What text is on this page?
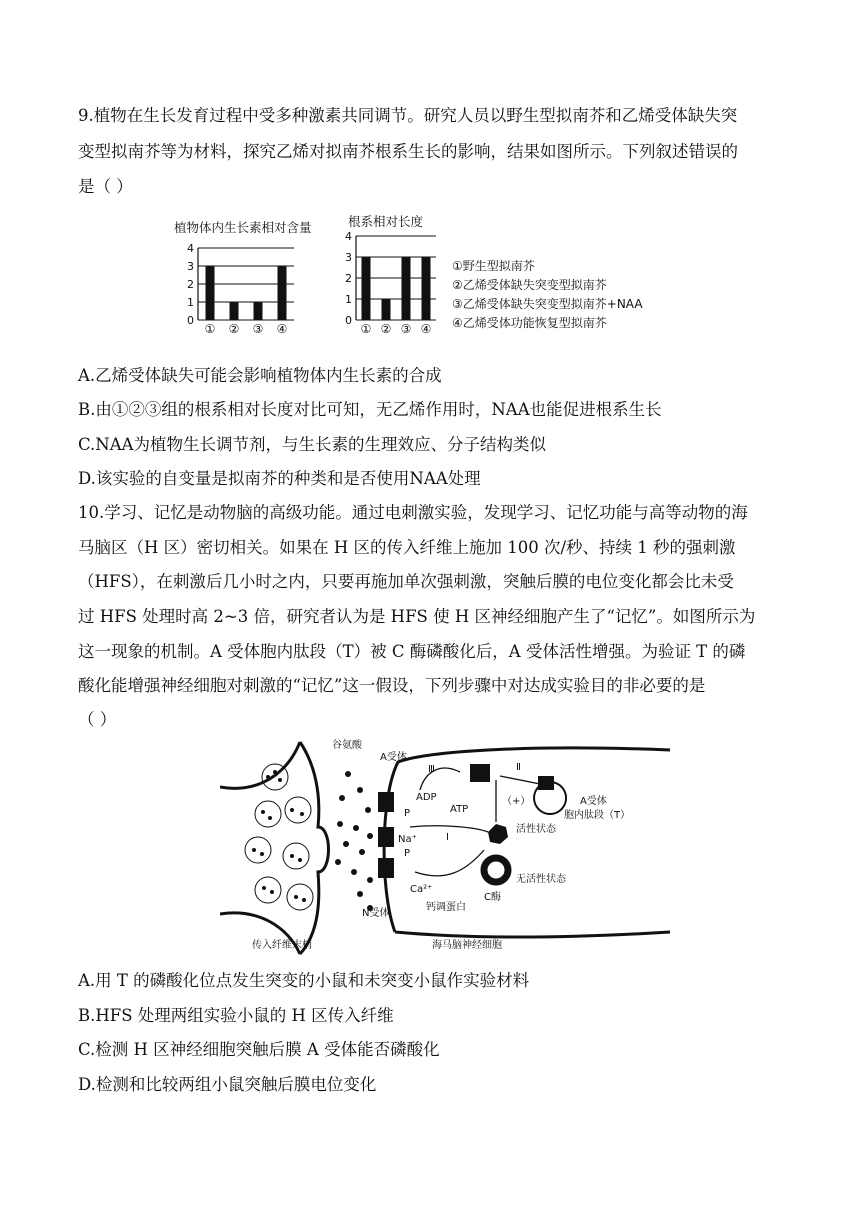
9.植物在生长发育过程中受多种激素共同调节。研究人员以野生型拟南芥和乙烯受体缺失突
变型拟南芥等为材料，探究乙烯对拟南芥根系生长的影响，结果如图所示。下列叙述错误的
是（ ）
植物体内生长素相对含量
0
1
2
3
4
① ② ③ ④
根系相对长度
0
1
2
3
4
① ② ③ ④
①野生型拟南芥
②乙烯受体缺失突变型拟南芥
③乙烯受体缺失突变型拟南芥+NAA
④乙烯受体功能恢复型拟南芥
A.乙烯受体缺失可能会影响植物体内生长素的合成
B.由①②③组的根系相对长度对比可知，无乙烯作用时，NAA也能促进根系生长
C.NAA为植物生长调节剂，与生长素的生理效应、分子结构类似
D.该实验的自变量是拟南芥的种类和是否使用NAA处理
10.学习、记忆是动物脑的高级功能。通过电刺激实验，发现学习、记忆功能与高等动物的海
马脑区（H 区）密切相关。如果在 H 区的传入纤维上施加 100 次/秒、持续 1 秒的强刺激
（HFS），在刺激后几小时之内，只要再施加单次强刺激，突触后膜的电位变化都会比未受
过 HFS 处理时高 2~3 倍，研究者认为是 HFS 使 H 区神经细胞产生了“记忆”。如图所示为
这一现象的机制。A 受体胞内肽段（T）被 C 酶磷酸化后，A 受体活性增强。为验证 T 的磷
酸化能增强神经细胞对刺激的“记忆”这一假设，下列步骤中对达成实验目的非必要的是
（ ）
谷氨酸
A受体
Ⅲ	Ⅱ
ADP
ATP
（+）
P
P
Na⁺	Ⅰ
活性状态
无活性状态
C酶
Ca²⁺
钙调蛋白
N受体
A受体
胞内肽段（T）
传入纤维末梢	海马脑神经细胞
A.用 T 的磷酸化位点发生突变的小鼠和未突变小鼠作实验材料
B.HFS 处理两组实验小鼠的 H 区传入纤维
C.检测 H 区神经细胞突触后膜 A 受体能否磷酸化
D.检测和比较两组小鼠突触后膜电位变化
